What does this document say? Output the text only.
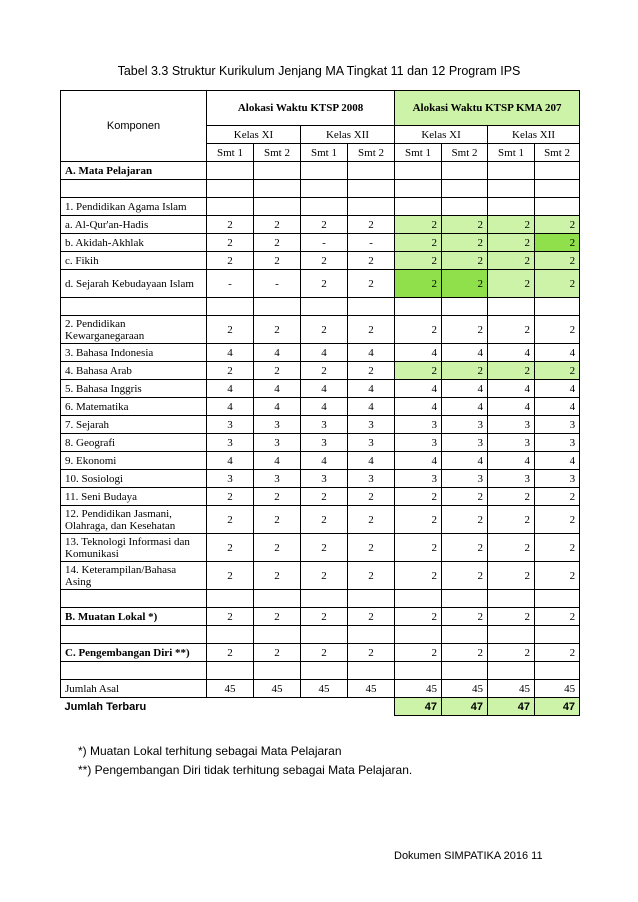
Tabel 3.3 Struktur Kurikulum Jenjang MA Tingkat 11 dan 12 Program IPS
Komponen	Alokasi Waktu KTSP 2008				Alokasi Waktu KTSP KMA 207			
	Kelas XI		Kelas XII		Kelas XI		Kelas XII	
	Smt 1	Smt 2	Smt 1	Smt 2	Smt 1	Smt 2	Smt 1	Smt 2
A. Mata Pelajaran								

1. Pendidikan Agama Islam								
a. Al-Qur'an-Hadis	2	2	2	2	2	2	2	2
b. Akidah-Akhlak	2	2	-	-	2	2	2	2
c. Fikih	2	2	2	2	2	2	2	2
d. Sejarah Kebudayaan Islam	-	-	2	2	2	2	2	2

2. Pendidikan Kewarganegaraan	2	2	2	2	2	2	2	2
3. Bahasa Indonesia	4	4	4	4	4	4	4	4
4. Bahasa Arab	2	2	2	2	2	2	2	2
5. Bahasa Inggris	4	4	4	4	4	4	4	4
6. Matematika	4	4	4	4	4	4	4	4
7. Sejarah	3	3	3	3	3	3	3	3
8. Geografi	3	3	3	3	3	3	3	3
9. Ekonomi	4	4	4	4	4	4	4	4
10. Sosiologi	3	3	3	3	3	3	3	3
11. Seni Budaya	2	2	2	2	2	2	2	2
12. Pendidikan Jasmani, Olahraga, dan Kesehatan	2	2	2	2	2	2	2	2
13. Teknologi Informasi dan Komunikasi	2	2	2	2	2	2	2	2
14. Keterampilan/Bahasa Asing	2	2	2	2	2	2	2	2

B. Muatan Lokal *)	2	2	2	2	2	2	2	2

C. Pengembangan Diri **)	2	2	2	2	2	2	2	2

Jumlah Asal	45	45	45	45	45	45	45	45
Jumlah Terbaru					47	47	47	47
*) Muatan Lokal terhitung sebagai Mata Pelajaran
**) Pengembangan Diri tidak terhitung sebagai Mata Pelajaran.
Dokumen SIMPATIKA 2016 11
